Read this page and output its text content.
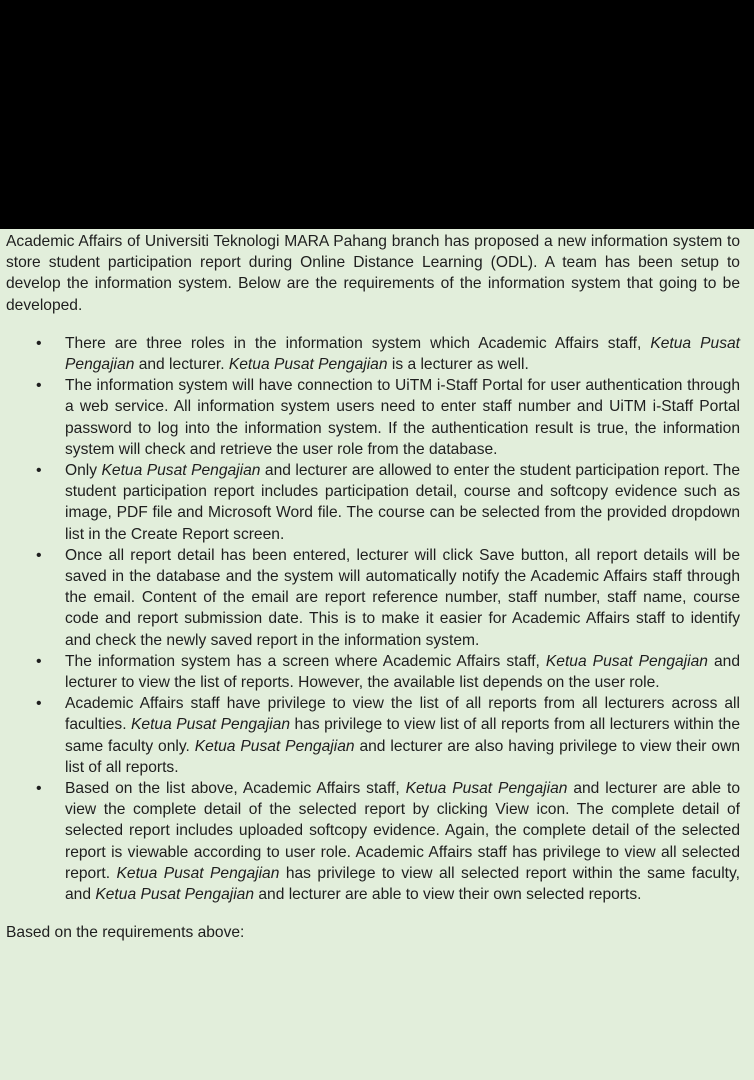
Academic Affairs of Universiti Teknologi MARA Pahang branch has proposed a new information system to store student participation report during Online Distance Learning (ODL). A team has been setup to develop the information system. Below are the requirements of the information system that going to be developed.

• There are three roles in the information system which Academic Affairs staff, Ketua Pusat Pengajian and lecturer. Ketua Pusat Pengajian is a lecturer as well.
• The information system will have connection to UiTM i-Staff Portal for user authentication through a web service. All information system users need to enter staff number and UiTM i-Staff Portal password to log into the information system. If the authentication result is true, the information system will check and retrieve the user role from the database.
• Only Ketua Pusat Pengajian and lecturer are allowed to enter the student participation report. The student participation report includes participation detail, course and softcopy evidence such as image, PDF file and Microsoft Word file. The course can be selected from the provided dropdown list in the Create Report screen.
• Once all report detail has been entered, lecturer will click Save button, all report details will be saved in the database and the system will automatically notify the Academic Affairs staff through the email. Content of the email are report reference number, staff number, staff name, course code and report submission date. This is to make it easier for Academic Affairs staff to identify and check the newly saved report in the information system.
• The information system has a screen where Academic Affairs staff, Ketua Pusat Pengajian and lecturer to view the list of reports. However, the available list depends on the user role.
• Academic Affairs staff have privilege to view the list of all reports from all lecturers across all faculties. Ketua Pusat Pengajian has privilege to view list of all reports from all lecturers within the same faculty only. Ketua Pusat Pengajian and lecturer are also having privilege to view their own list of all reports.
• Based on the list above, Academic Affairs staff, Ketua Pusat Pengajian and lecturer are able to view the complete detail of the selected report by clicking View icon. The complete detail of selected report includes uploaded softcopy evidence. Again, the complete detail of the selected report is viewable according to user role. Academic Affairs staff has privilege to view all selected report. Ketua Pusat Pengajian has privilege to view all selected report within the same faculty, and Ketua Pusat Pengajian and lecturer are able to view their own selected reports.

Based on the requirements above:
